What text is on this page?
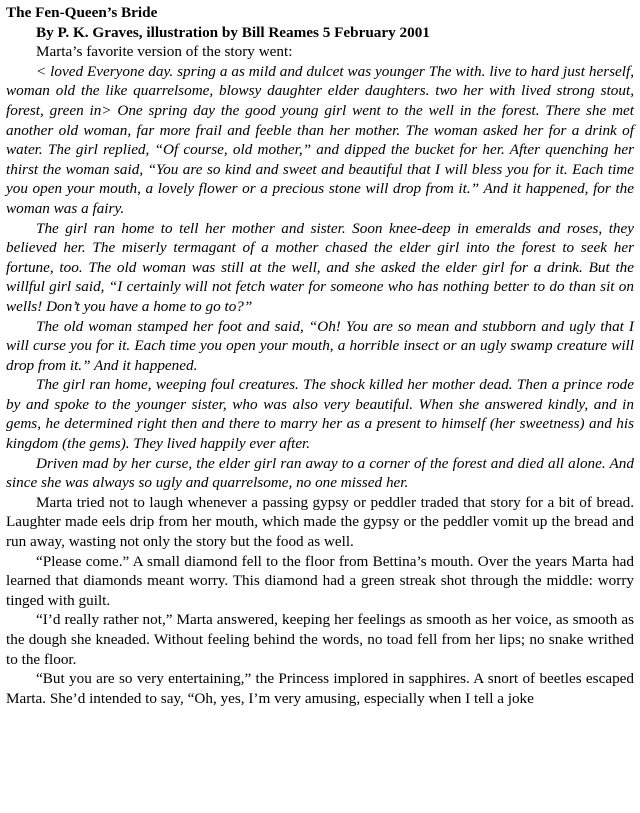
The Fen-Queen’s Bride

By P. K. Graves, illustration by Bill Reames 5 February 2001

Marta’s favorite version of the story went:

< loved Everyone day. spring a as mild and dulcet was younger The with. live to hard just herself, woman old the like quarrelsome, blowsy daughter elder daughters. two her with lived strong stout, forest, green in> One spring day the good young girl went to the well in the forest. There she met another old woman, far more frail and feeble than her mother. The woman asked her for a drink of water. The girl replied, “Of course, old mother,” and dipped the bucket for her. After quenching her thirst the woman said, “You are so kind and sweet and beautiful that I will bless you for it. Each time you open your mouth, a lovely flower or a precious stone will drop from it.” And it happened, for the woman was a fairy.

The girl ran home to tell her mother and sister. Soon knee-deep in emeralds and roses, they believed her. The miserly termagant of a mother chased the elder girl into the forest to seek her fortune, too. The old woman was still at the well, and she asked the elder girl for a drink. But the willful girl said, “I certainly will not fetch water for someone who has nothing better to do than sit on wells! Don’t you have a home to go to?”

The old woman stamped her foot and said, “Oh! You are so mean and stubborn and ugly that I will curse you for it. Each time you open your mouth, a horrible insect or an ugly swamp creature will drop from it.” And it happened.

The girl ran home, weeping foul creatures. The shock killed her mother dead. Then a prince rode by and spoke to the younger sister, who was also very beautiful. When she answered kindly, and in gems, he determined right then and there to marry her as a present to himself (her sweetness) and his kingdom (the gems). They lived happily ever after.

Driven mad by her curse, the elder girl ran away to a corner of the forest and died all alone. And since she was always so ugly and quarrelsome, no one missed her.

Marta tried not to laugh whenever a passing gypsy or peddler traded that story for a bit of bread. Laughter made eels drip from her mouth, which made the gypsy or the peddler vomit up the bread and run away, wasting not only the story but the food as well.

“Please come.” A small diamond fell to the floor from Bettina’s mouth. Over the years Marta had learned that diamonds meant worry. This diamond had a green streak shot through the middle: worry tinged with guilt.

“I’d really rather not,” Marta answered, keeping her feelings as smooth as her voice, as smooth as the dough she kneaded. Without feeling behind the words, no toad fell from her lips; no snake writhed to the floor.

“But you are so very entertaining,” the Princess implored in sapphires. A snort of beetles escaped Marta. She’d intended to say, “Oh, yes, I’m very amusing, especially when I tell a joke
